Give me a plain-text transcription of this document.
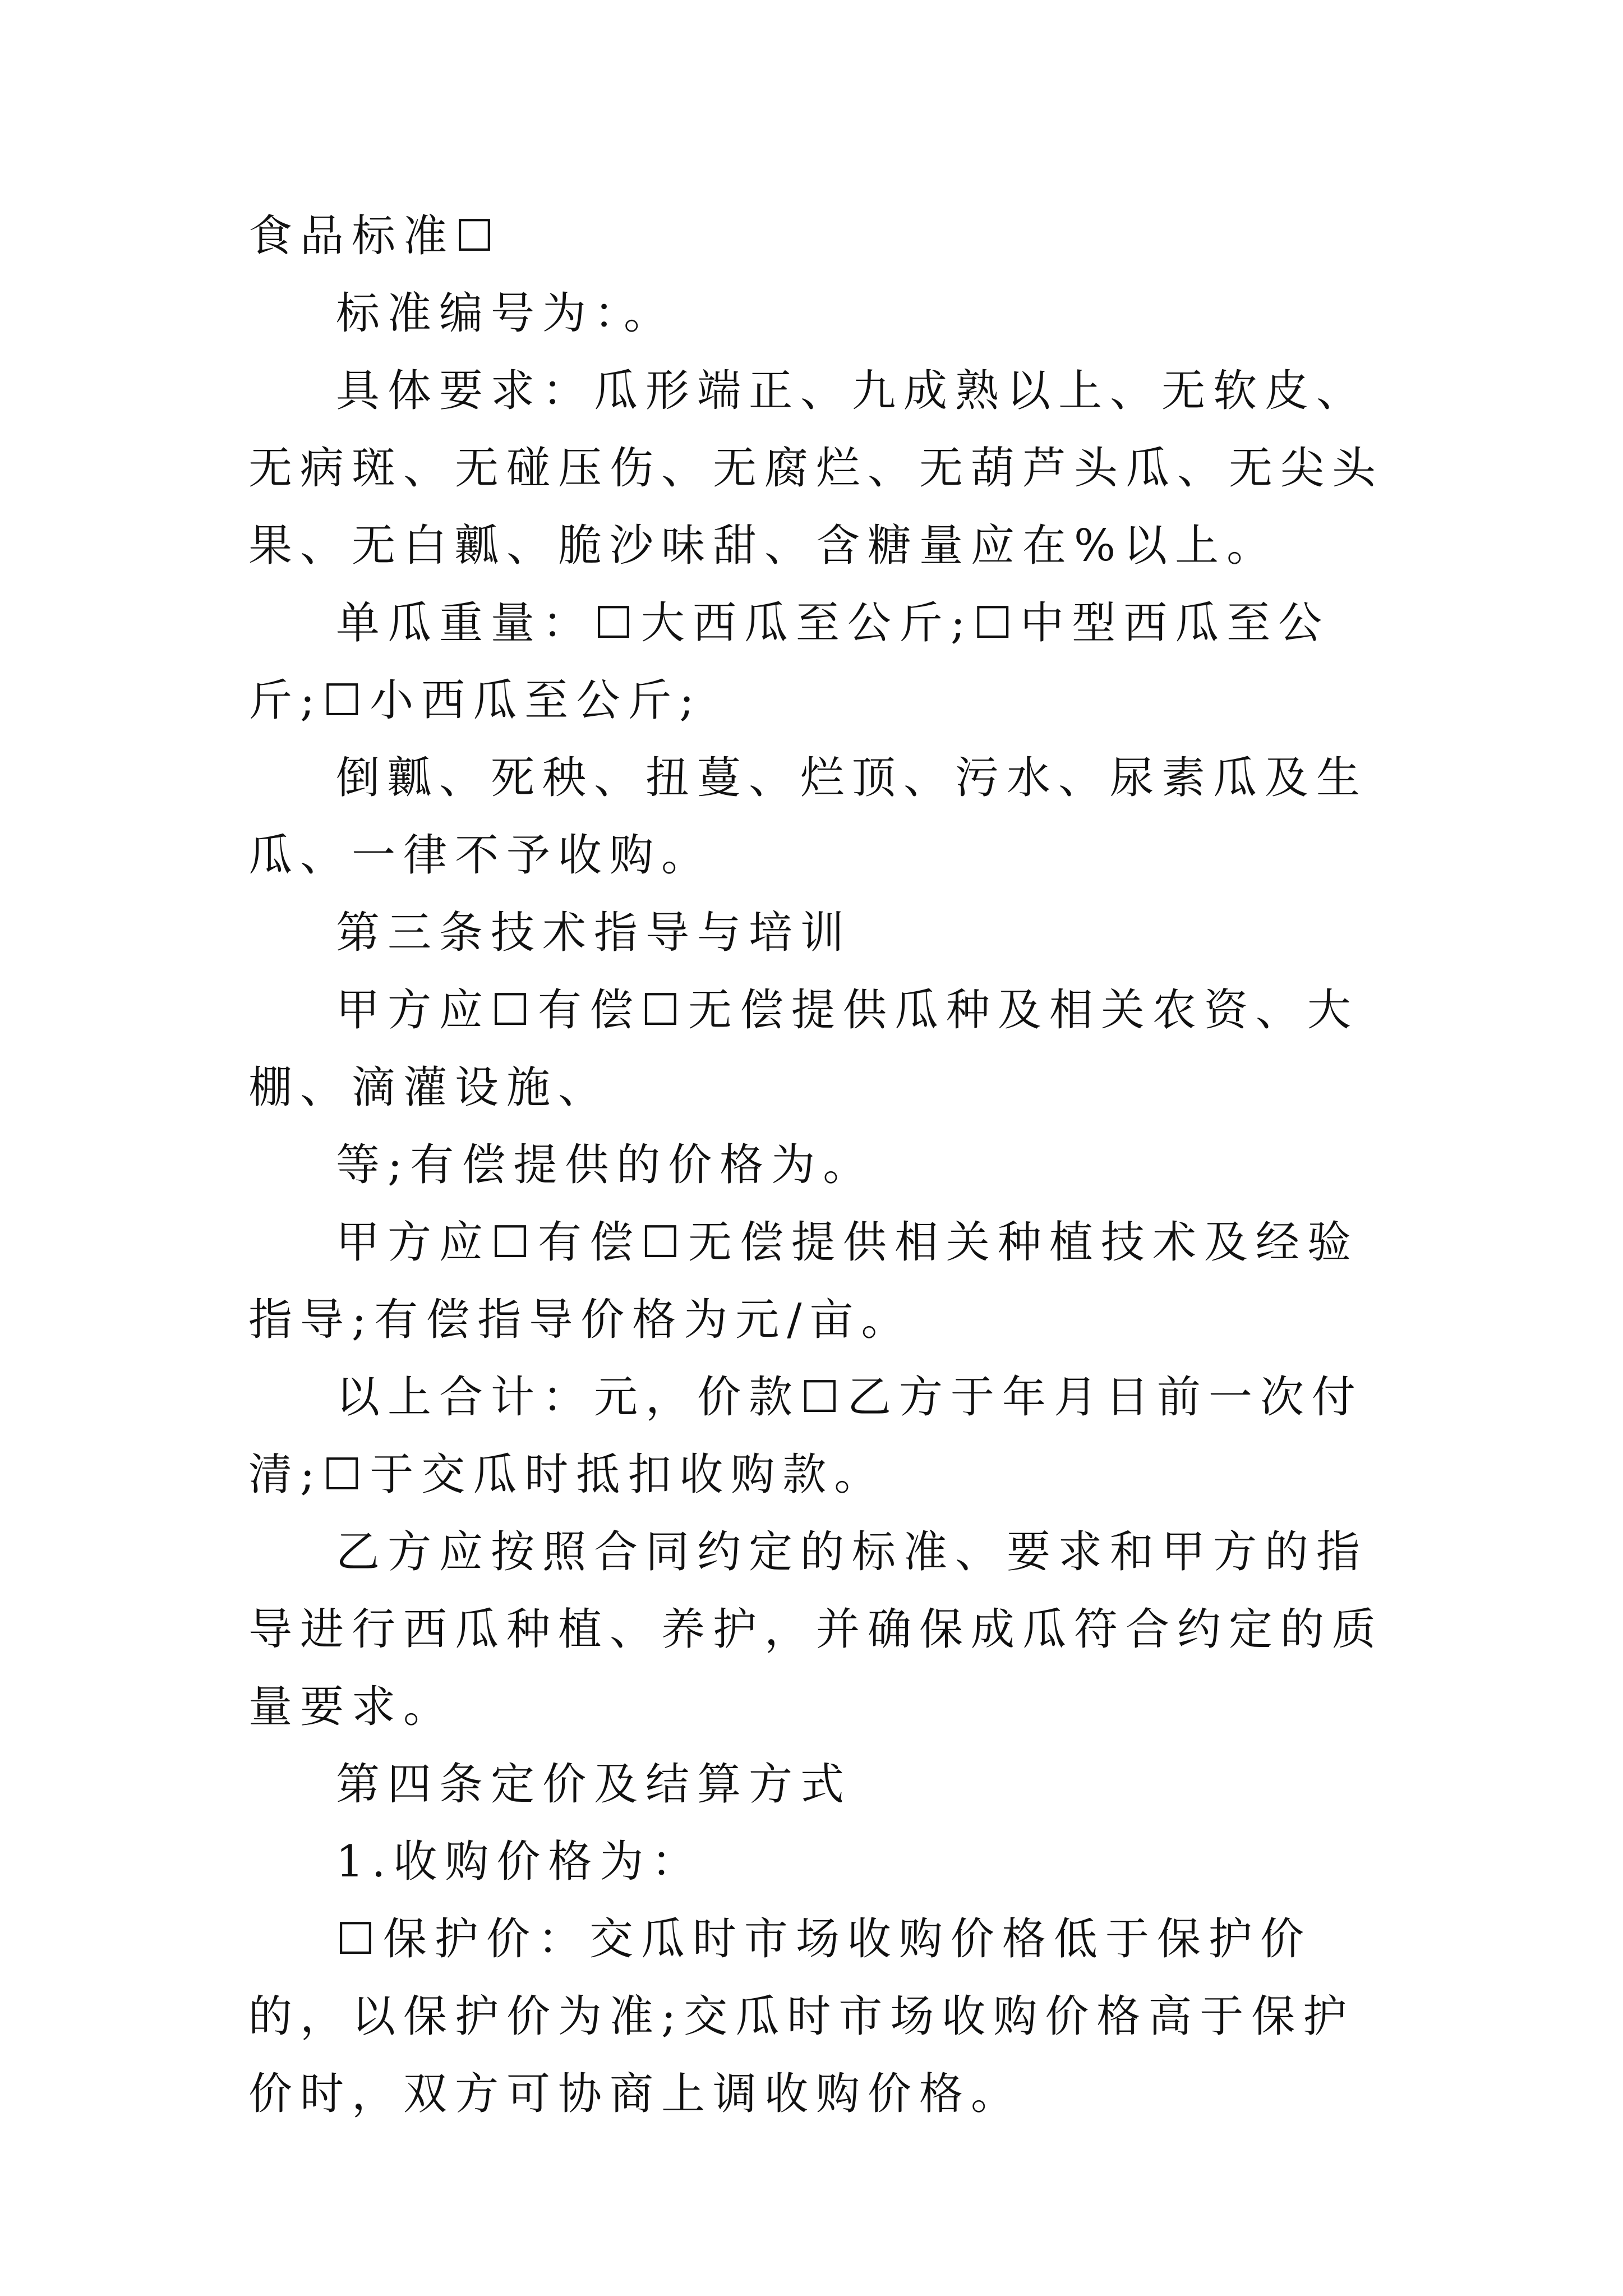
食品标准☐

标准编号为：。

具体要求：瓜形端正、九成熟以上、无软皮、无病斑、无碰压伤、无腐烂、无葫芦头瓜、无尖头果、无白瓤、脆沙味甜、含糖量应在%以上。

单瓜重量：☐大西瓜至公斤;☐中型西瓜至公斤;☐小西瓜至公斤;

倒瓤、死秧、扭蔓、烂顶、污水、尿素瓜及生瓜、一律不予收购。

第三条技术指导与培训

甲方应☐有偿☐无偿提供瓜种及相关农资、大棚、滴灌设施、

等;有偿提供的价格为。

甲方应☐有偿☐无偿提供相关种植技术及经验指导;有偿指导价格为元/亩。

以上合计：元，价款☐乙方于年月日前一次付清;☐于交瓜时抵扣收购款。

乙方应按照合同约定的标准、要求和甲方的指导进行西瓜种植、养护，并确保成瓜符合约定的质量要求。

第四条定价及结算方式

1.收购价格为：

☐保护价：交瓜时市场收购价格低于保护价的，以保护价为准;交瓜时市场收购价格高于保护价时，双方可协商上调收购价格。
